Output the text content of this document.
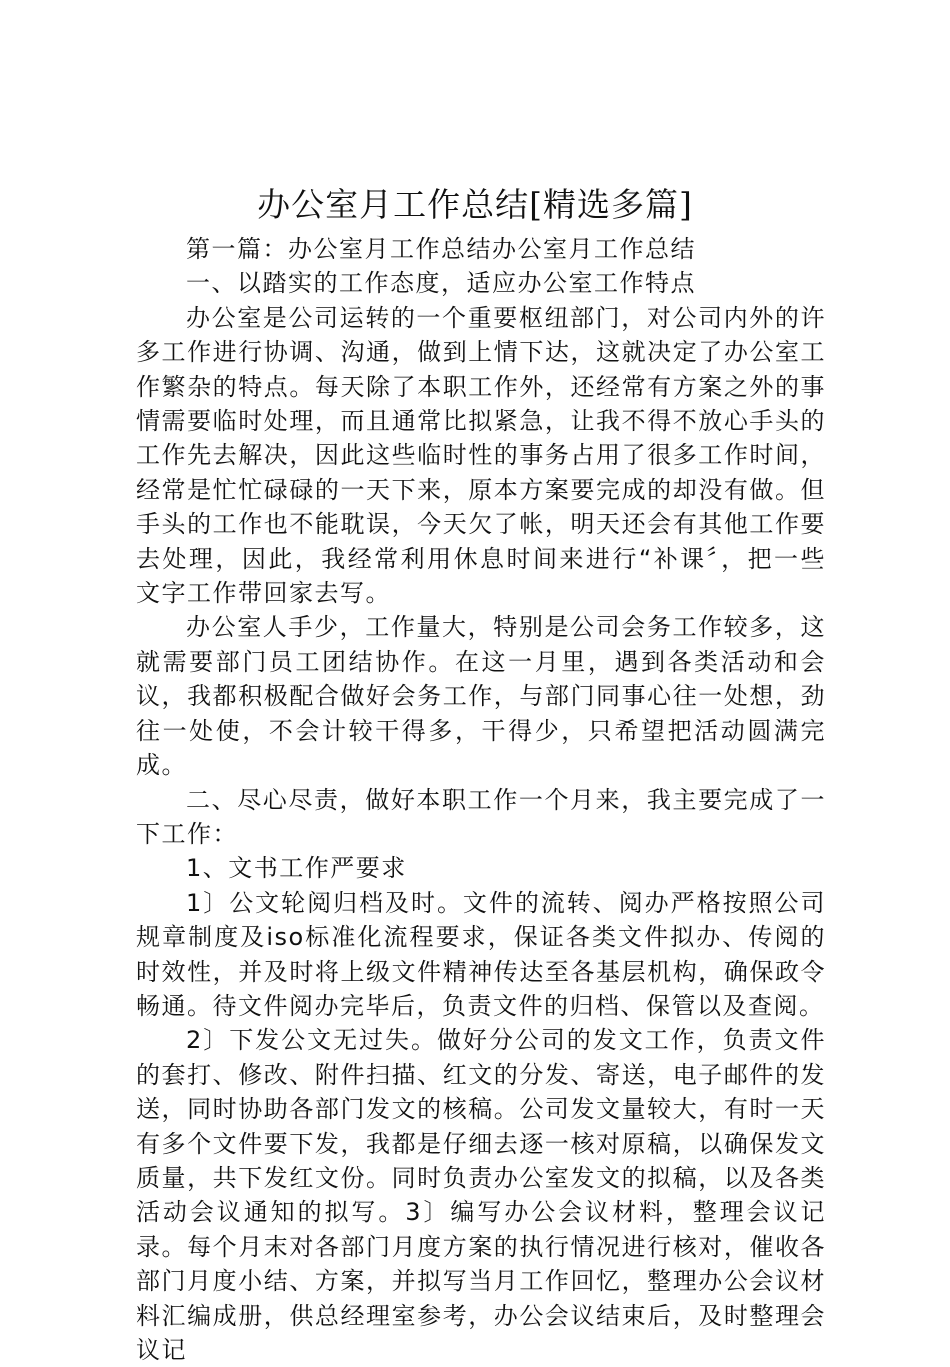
办公室月工作总结[精选多篇]

第一篇：办公室月工作总结办公室月工作总结

一、以踏实的工作态度，适应办公室工作特点

办公室是公司运转的一个重要枢纽部门，对公司内外的许多工作进行协调、沟通，做到上情下达，这就决定了办公室工作繁杂的特点。每天除了本职工作外，还经常有方案之外的事情需要临时处理，而且通常比拟紧急，让我不得不放心手头的工作先去解决，因此这些临时性的事务占用了很多工作时间，经常是忙忙碌碌的一天下来，原本方案要完成的却没有做。但手头的工作也不能耽误，今天欠了帐，明天还会有其他工作要去处理，因此，我经常利用休息时间来进行“补课〞，把一些文字工作带回家去写。

办公室人手少，工作量大，特别是公司会务工作较多，这就需要部门员工团结协作。在这一月里，遇到各类活动和会议，我都积极配合做好会务工作，与部门同事心往一处想，劲往一处使，不会计较干得多，干得少，只希望把活动圆满完成。

二、尽心尽责，做好本职工作一个月来，我主要完成了一下工作：

1、文书工作严要求

1〕公文轮阅归档及时。文件的流转、阅办严格按照公司规章制度及iso标准化流程要求，保证各类文件拟办、传阅的时效性，并及时将上级文件精神传达至各基层机构，确保政令畅通。待文件阅办完毕后，负责文件的归档、保管以及查阅。

2〕下发公文无过失。做好分公司的发文工作，负责文件的套打、修改、附件扫描、红文的分发、寄送，电子邮件的发送，同时协助各部门发文的核稿。公司发文量较大，有时一天有多个文件要下发，我都是仔细去逐一核对原稿，以确保发文质量，共下发红文份。同时负责办公室发文的拟稿，以及各类活动会议通知的拟写。3〕编写办公会议材料，整理会议记录。每个月末对各部门月度方案的执行情况进行核对，催收各部门月度小结、方案，并拟写当月工作回忆，整理办公会议材料汇编成册，供总经理室参考，办公会议结束后，及时整理会议记
